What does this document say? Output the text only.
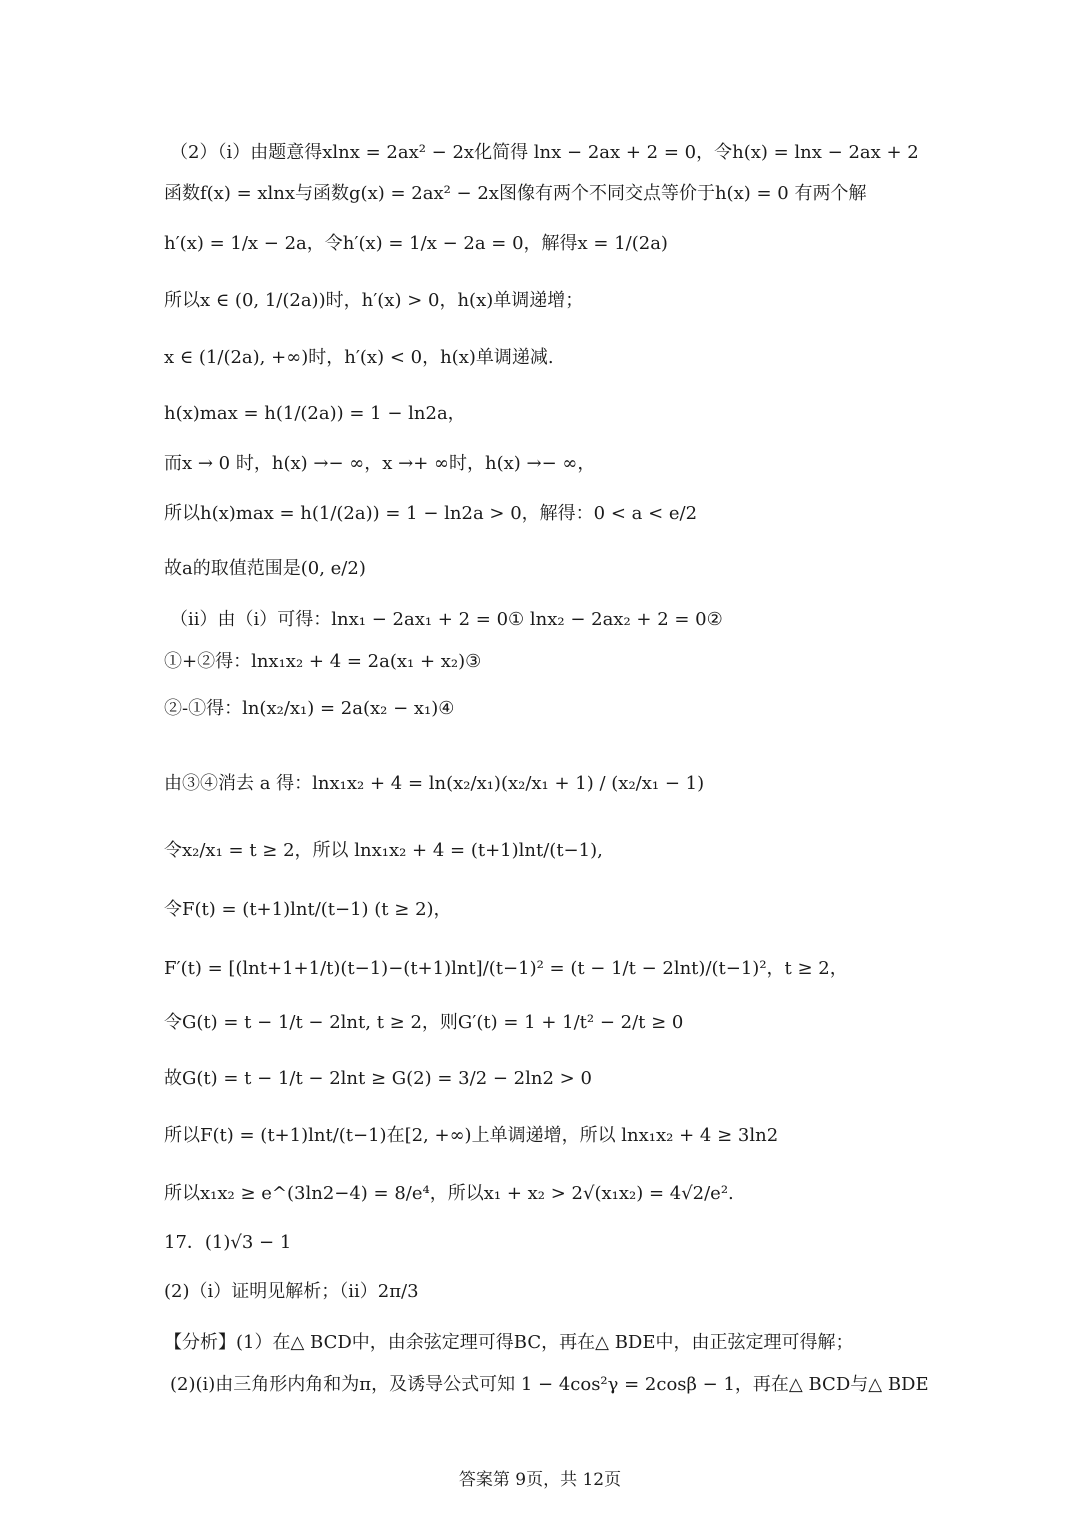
（2）（i）由题意得xlnx = 2ax² − 2x化简得 lnx − 2ax + 2 = 0，令h(x) = lnx − 2ax + 2
函数f(x) = xlnx与函数g(x) = 2ax² − 2x图像有两个不同交点等价于h(x) = 0 有两个解
h′(x) = 1/x − 2a，令h′(x) = 1/x − 2a = 0，解得x = 1/(2a)
所以x ∈ (0, 1/(2a))时，h′(x) > 0，h(x)单调递增；
x ∈ (1/(2a), +∞)时，h′(x) < 0，h(x)单调递减.
h(x)max = h(1/(2a)) = 1 − ln2a，
而x → 0 时，h(x) →− ∞，x →+ ∞时，h(x) →− ∞，
所以h(x)max = h(1/(2a)) = 1 − ln2a > 0，解得：0 < a < e/2
故a的取值范围是(0, e/2)
（ii）由（i）可得：lnx₁ − 2ax₁ + 2 = 0① lnx₂ − 2ax₂ + 2 = 0②
①+②得：lnx₁x₂ + 4 = 2a(x₁ + x₂)③
②-①得：ln(x₂/x₁) = 2a(x₂ − x₁)④
由③④消去 a 得：lnx₁x₂ + 4 = ln(x₂/x₁)(x₂/x₁ + 1) / (x₂/x₁ − 1)
令x₂/x₁ = t ≥ 2，所以 lnx₁x₂ + 4 = (t+1)lnt/(t−1),
令F(t) = (t+1)lnt/(t−1) (t ≥ 2)，
F′(t) = [(lnt+1+1/t)(t−1)−(t+1)lnt]/(t−1)² = (t − 1/t − 2lnt)/(t−1)²，t ≥ 2，
令G(t) = t − 1/t − 2lnt, t ≥ 2，则G′(t) = 1 + 1/t² − 2/t ≥ 0
故G(t) = t − 1/t − 2lnt ≥ G(2) = 3/2 − 2ln2 > 0
所以F(t) = (t+1)lnt/(t−1)在[2, +∞)上单调递增，所以 lnx₁x₂ + 4 ≥ 3ln2
所以x₁x₂ ≥ e^(3ln2−4) = 8/e⁴，所以x₁ + x₂ > 2√(x₁x₂) = 4√2/e².
17．(1)√3 − 1
(2)（i）证明见解析；（ii）2π/3
【分析】(1）在△ BCD中，由余弦定理可得BC，再在△ BDE中，由正弦定理可得解；
(2)(i)由三角形内角和为π，及诱导公式可知 1 − 4cos²γ = 2cosβ − 1，再在△ BCD与△ BDE
答案第 9页，共 12页
